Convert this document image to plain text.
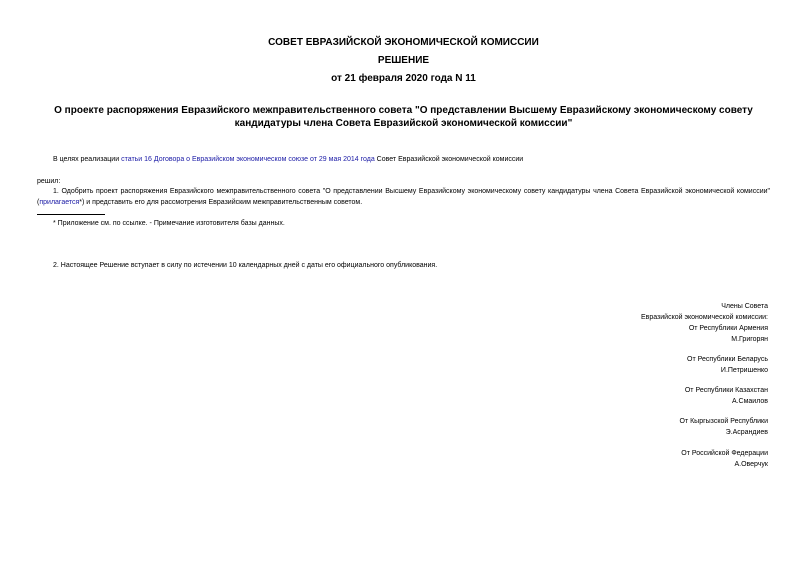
СОВЕТ ЕВРАЗИЙСКОЙ ЭКОНОМИЧЕСКОЙ КОМИССИИ
РЕШЕНИЕ
от 21 февраля 2020 года N 11
О проекте распоряжения Евразийского межправительственного совета "О представлении Высшему Евразийскому экономическому совету кандидатуры члена Совета Евразийской экономической комиссии"
В целях реализации статьи 16 Договора о Евразийском экономическом союзе от 29 мая 2014 года Совет Евразийской экономической комиссии
решил:
1. Одобрить проект распоряжения Евразийского межправительственного совета "О представлении Высшему Евразийскому экономическому совету кандидатуры члена Совета Евразийской экономической комиссии" (прилагается*) и представить его для рассмотрения Евразийским межправительственным советом.
* Приложение см. по ссылке. - Примечание изготовителя базы данных.
2. Настоящее Решение вступает в силу по истечении 10 календарных дней с даты его официального опубликования.
Члены Совета
Евразийской экономической комиссии:
От Республики Армения
М.Григорян
От Республики Беларусь
И.Петришенко
От Республики Казахстан
А.Смаилов
От Кыргызской Республики
Э.Асрандиев
От Российской Федерации
А.Оверчук
